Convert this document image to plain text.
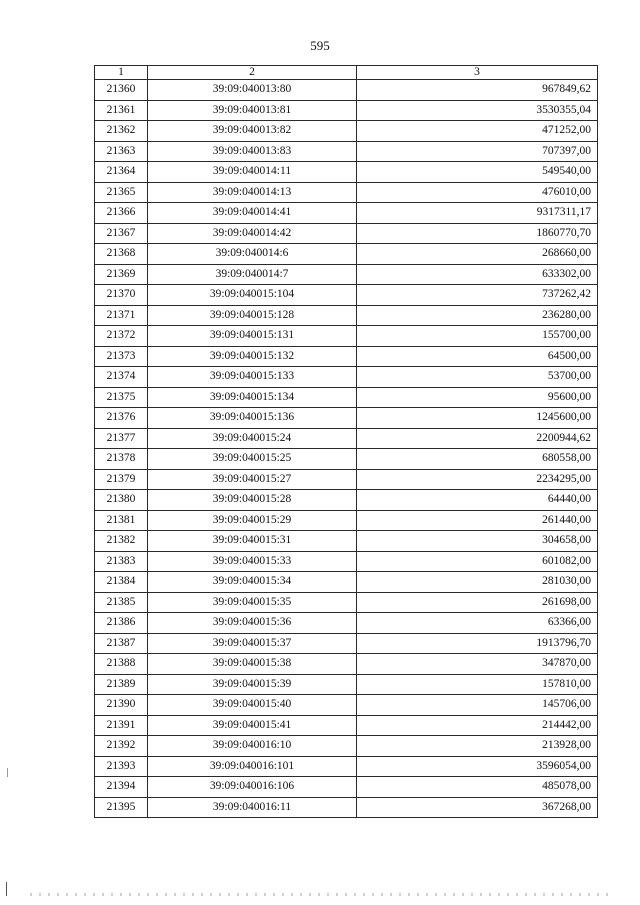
595
1	2	3
21360	39:09:040013:80	967849,62
21361	39:09:040013:81	3530355,04
21362	39:09:040013:82	471252,00
21363	39:09:040013:83	707397,00
21364	39:09:040014:11	549540,00
21365	39:09:040014:13	476010,00
21366	39:09:040014:41	9317311,17
21367	39:09:040014:42	1860770,70
21368	39:09:040014:6	268660,00
21369	39:09:040014:7	633302,00
21370	39:09:040015:104	737262,42
21371	39:09:040015:128	236280,00
21372	39:09:040015:131	155700,00
21373	39:09:040015:132	64500,00
21374	39:09:040015:133	53700,00
21375	39:09:040015:134	95600,00
21376	39:09:040015:136	1245600,00
21377	39:09:040015:24	2200944,62
21378	39:09:040015:25	680558,00
21379	39:09:040015:27	2234295,00
21380	39:09:040015:28	64440,00
21381	39:09:040015:29	261440,00
21382	39:09:040015:31	304658,00
21383	39:09:040015:33	601082,00
21384	39:09:040015:34	281030,00
21385	39:09:040015:35	261698,00
21386	39:09:040015:36	63366,00
21387	39:09:040015:37	1913796,70
21388	39:09:040015:38	347870,00
21389	39:09:040015:39	157810,00
21390	39:09:040015:40	145706,00
21391	39:09:040015:41	214442,00
21392	39:09:040016:10	213928,00
21393	39:09:040016:101	3596054,00
21394	39:09:040016:106	485078,00
21395	39:09:040016:11	367268,00
